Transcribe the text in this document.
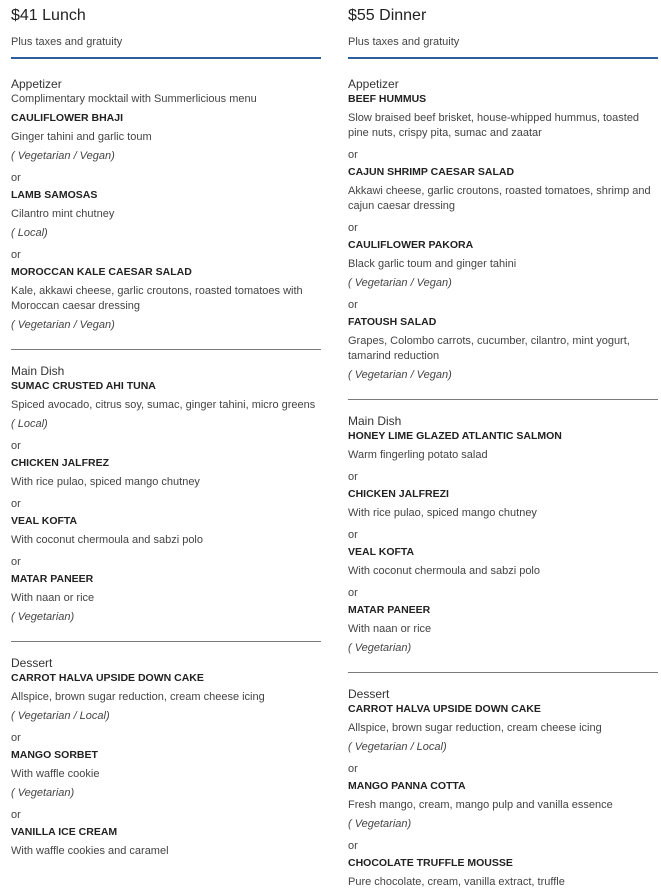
$41 Lunch
Plus taxes and gratuity
Appetizer
Complimentary mocktail with Summerlicious menu
CAULIFLOWER BHAJI
Ginger tahini and garlic toum
( Vegetarian / Vegan)
or
LAMB SAMOSAS
Cilantro mint chutney
( Local)
or
MOROCCAN KALE CAESAR SALAD
Kale, akkawi cheese, garlic croutons, roasted tomatoes with Moroccan caesar dressing
( Vegetarian / Vegan)
Main Dish
SUMAC CRUSTED AHI TUNA
Spiced avocado, citrus soy, sumac, ginger tahini, micro greens
( Local)
or
CHICKEN JALFREZ
With rice pulao, spiced mango chutney
or
VEAL KOFTA
With coconut chermoula and sabzi polo
or
MATAR PANEER
With naan or rice
( Vegetarian)
Dessert
CARROT HALVA UPSIDE DOWN CAKE
Allspice, brown sugar reduction, cream cheese icing
( Vegetarian / Local)
or
MANGO SORBET
With waffle cookie
( Vegetarian)
or
VANILLA ICE CREAM
With waffle cookies and caramel
$55 Dinner
Plus taxes and gratuity
Appetizer
BEEF HUMMUS
Slow braised beef brisket, house-whipped hummus, toasted pine nuts, crispy pita, sumac and zaatar
or
CAJUN SHRIMP CAESAR SALAD
Akkawi cheese, garlic croutons, roasted tomatoes, shrimp and cajun caesar dressing
or
CAULIFLOWER PAKORA
Black garlic toum and ginger tahini
( Vegetarian / Vegan)
or
FATOUSH SALAD
Grapes, Colombo carrots, cucumber, cilantro, mint yogurt, tamarind reduction
( Vegetarian / Vegan)
Main Dish
HONEY LIME GLAZED ATLANTIC SALMON
Warm fingerling potato salad
or
CHICKEN JALFREZI
With rice pulao, spiced mango chutney
or
VEAL KOFTA
With coconut chermoula and sabzi polo
or
MATAR PANEER
With naan or rice
( Vegetarian)
Dessert
CARROT HALVA UPSIDE DOWN CAKE
Allspice, brown sugar reduction, cream cheese icing
( Vegetarian / Local)
or
MANGO PANNA COTTA
Fresh mango, cream, mango pulp and vanilla essence
( Vegetarian)
or
CHOCOLATE TRUFFLE MOUSSE
Pure chocolate, cream, vanilla extract, truffle
